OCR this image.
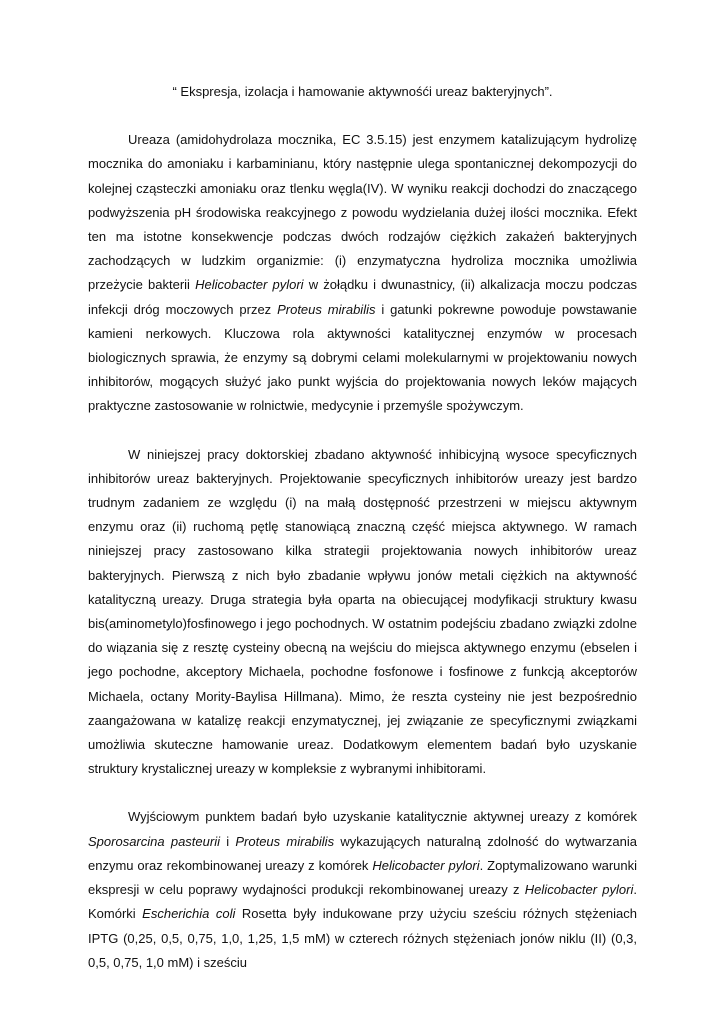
“ Ekspresja, izolacja i hamowanie aktywnośći ureaz bakteryjnych”.

Ureaza (amidohydrolaza mocznika, EC 3.5.15) jest enzymem katalizującym hydrolizę mocznika do amoniaku i karbaminianu, który następnie ulega spontanicznej dekompozycji do kolejnej cząsteczki amoniaku oraz tlenku węgla(IV). W wyniku reakcji dochodzi do znaczącego podwyższenia pH środowiska reakcyjnego z powodu wydzielania dużej ilości mocznika. Efekt ten ma istotne konsekwencje podczas dwóch rodzajów ciężkich zakażeń bakteryjnych zachodzących w ludzkim organizmie: (i) enzymatyczna hydroliza mocznika umożliwia przeżycie bakterii Helicobacter pylori w żołądku i dwunastnicy, (ii) alkalizacja moczu podczas infekcji dróg moczowych przez Proteus mirabilis i gatunki pokrewne powoduje powstawanie kamieni nerkowych. Kluczowa rola aktywności katalitycznej enzymów w procesach biologicznych sprawia, że enzymy są dobrymi celami molekularnymi w projektowaniu nowych inhibitorów, mogących służyć jako punkt wyjścia do projektowania nowych leków mających praktyczne zastosowanie w rolnictwie, medycynie i przemyśle spożywczym.

W niniejszej pracy doktorskiej zbadano aktywność inhibicyjną wysoce specyficznych inhibitorów ureaz bakteryjnych. Projektowanie specyficznych inhibitorów ureazy jest bardzo trudnym zadaniem ze względu (i) na małą dostępność przestrzeni w miejscu aktywnym enzymu oraz (ii) ruchomą pętlę stanowiącą znaczną część miejsca aktywnego. W ramach niniejszej pracy zastosowano kilka strategii projektowania nowych inhibitorów ureaz bakteryjnych. Pierwszą z nich było zbadanie wpływu jonów metali ciężkich na aktywność katalityczną ureazy. Druga strategia była oparta na obiecującej modyfikacji struktury kwasu bis(aminometylo)fosfinowego i jego pochodnych. W ostatnim podejściu zbadano związki zdolne do wiązania się z resztę cysteiny obecną na wejściu do miejsca aktywnego enzymu (ebselen i jego pochodne, akceptory Michaela, pochodne fosfonowe i fosfinowe z funkcją akceptorów Michaela, octany Mority-Baylisa Hillmana). Mimo, że reszta cysteiny nie jest bezpośrednio zaangażowana w katalizę reakcji enzymatycznej, jej związanie ze specyficznymi związkami umożliwia skuteczne hamowanie ureaz. Dodatkowym elementem badań było uzyskanie struktury krystalicznej ureazy w kompleksie z wybranymi inhibitorami.

Wyjściowym punktem badań było uzyskanie katalitycznie aktywnej ureazy z komórek Sporosarcina pasteurii i Proteus mirabilis wykazujących naturalną zdolność do wytwarzania enzymu oraz rekombinowanej ureazy z komórek Helicobacter pylori. Zoptymalizowano warunki ekspresji w celu poprawy wydajności produkcji rekombinowanej ureazy z Helicobacter pylori. Komórki Escherichia coli Rosetta były indukowane przy użyciu sześciu różnych stężeniach IPTG (0,25, 0,5, 0,75, 1,0, 1,25, 1,5 mM) w czterech różnych stężeniach jonów niklu (II) (0,3, 0,5, 0,75, 1,0 mM) i sześciu
